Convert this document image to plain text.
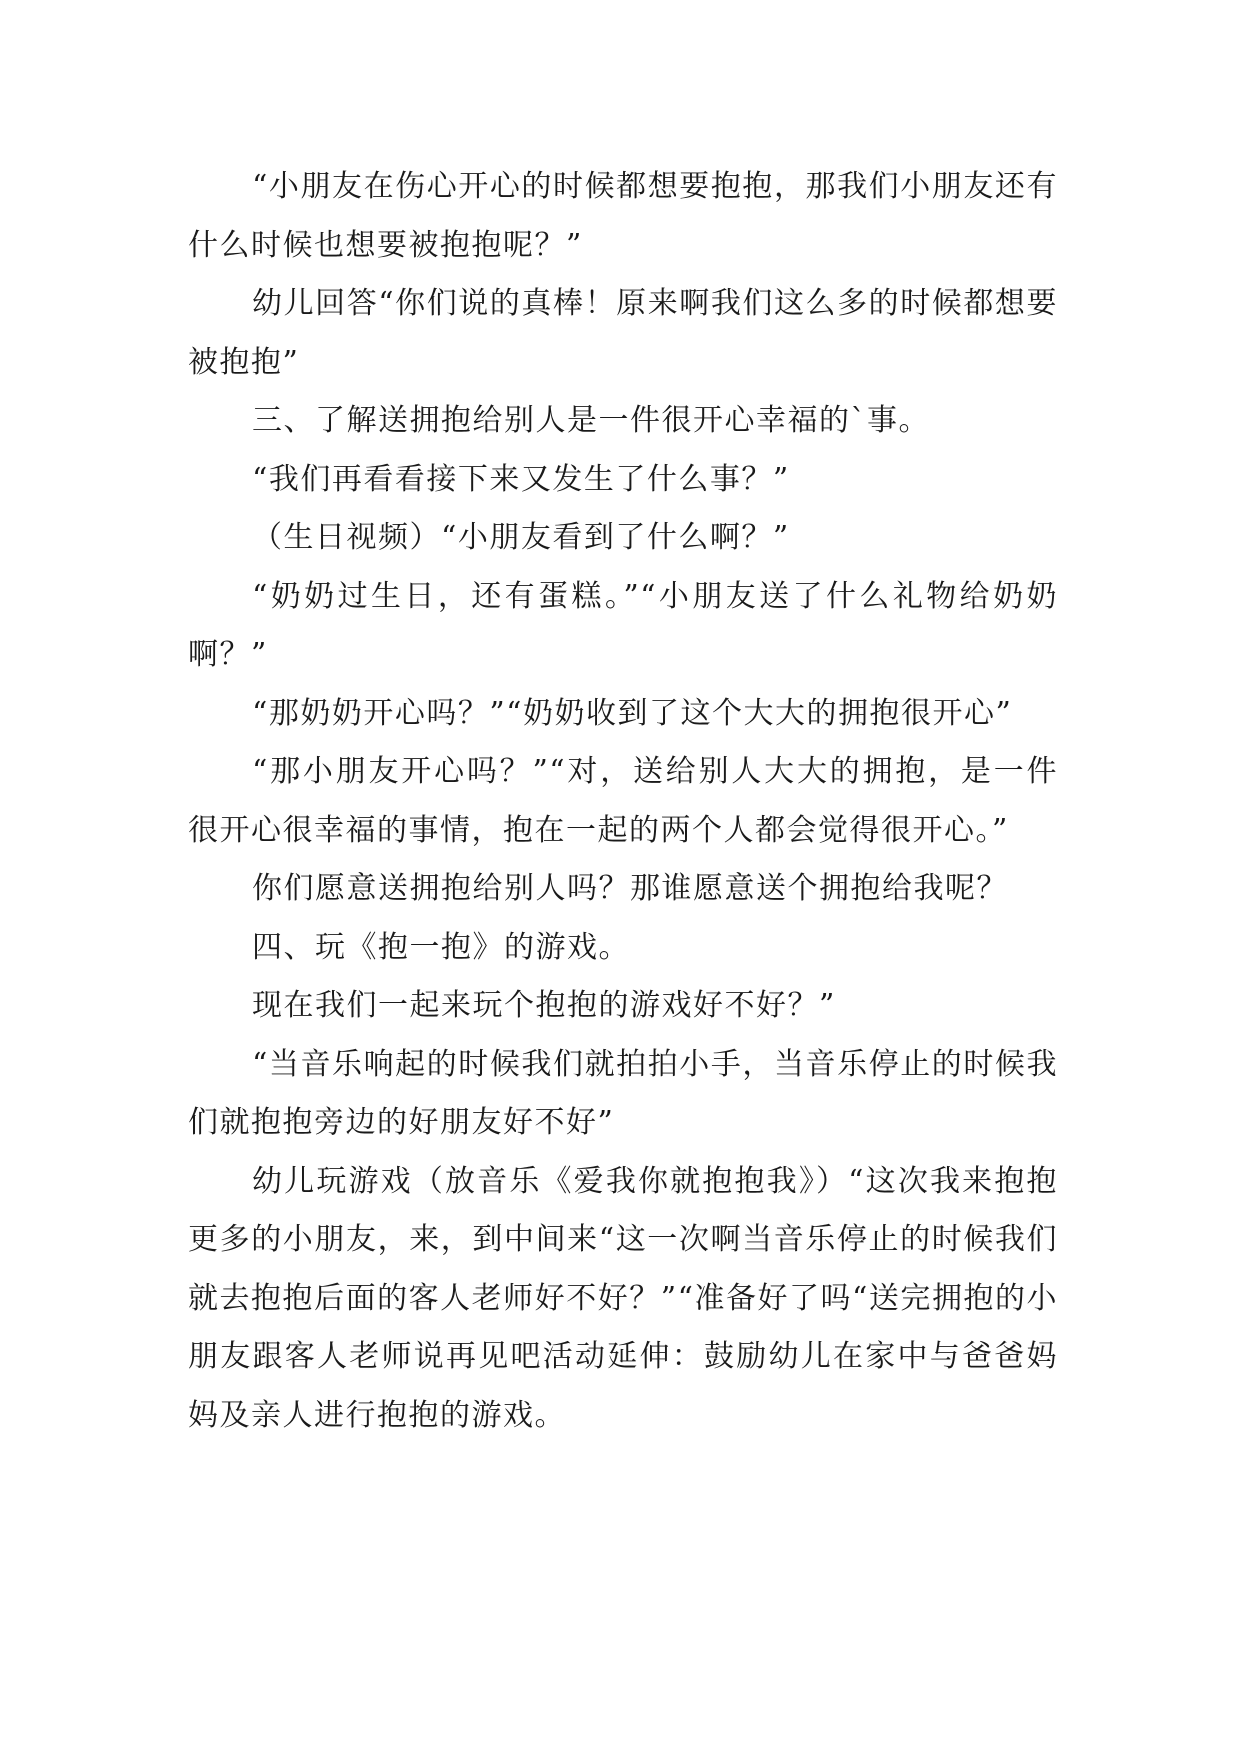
“小朋友在伤心开心的时候都想要抱抱，那我们小朋友还有什么时候也想要被抱抱呢？”

幼儿回答“你们说的真棒！原来啊我们这么多的时候都想要被抱抱”

三、了解送拥抱给别人是一件很开心幸福的`事。

“我们再看看接下来又发生了什么事？”

（生日视频）“小朋友看到了什么啊？”

“奶奶过生日，还有蛋糕。”“小朋友送了什么礼物给奶奶啊？”

“那奶奶开心吗？”“奶奶收到了这个大大的拥抱很开心”

“那小朋友开心吗？”“对，送给别人大大的拥抱，是一件很开心很幸福的事情，抱在一起的两个人都会觉得很开心。”

你们愿意送拥抱给别人吗？那谁愿意送个拥抱给我呢？

四、玩《抱一抱》的游戏。

现在我们一起来玩个抱抱的游戏好不好？”

“当音乐响起的时候我们就拍拍小手，当音乐停止的时候我们就抱抱旁边的好朋友好不好”

幼儿玩游戏（放音乐《爱我你就抱抱我》）“这次我来抱抱更多的小朋友，来，到中间来“这一次啊当音乐停止的时候我们就去抱抱后面的客人老师好不好？”“准备好了吗“送完拥抱的小朋友跟客人老师说再见吧活动延伸：鼓励幼儿在家中与爸爸妈妈及亲人进行抱抱的游戏。
